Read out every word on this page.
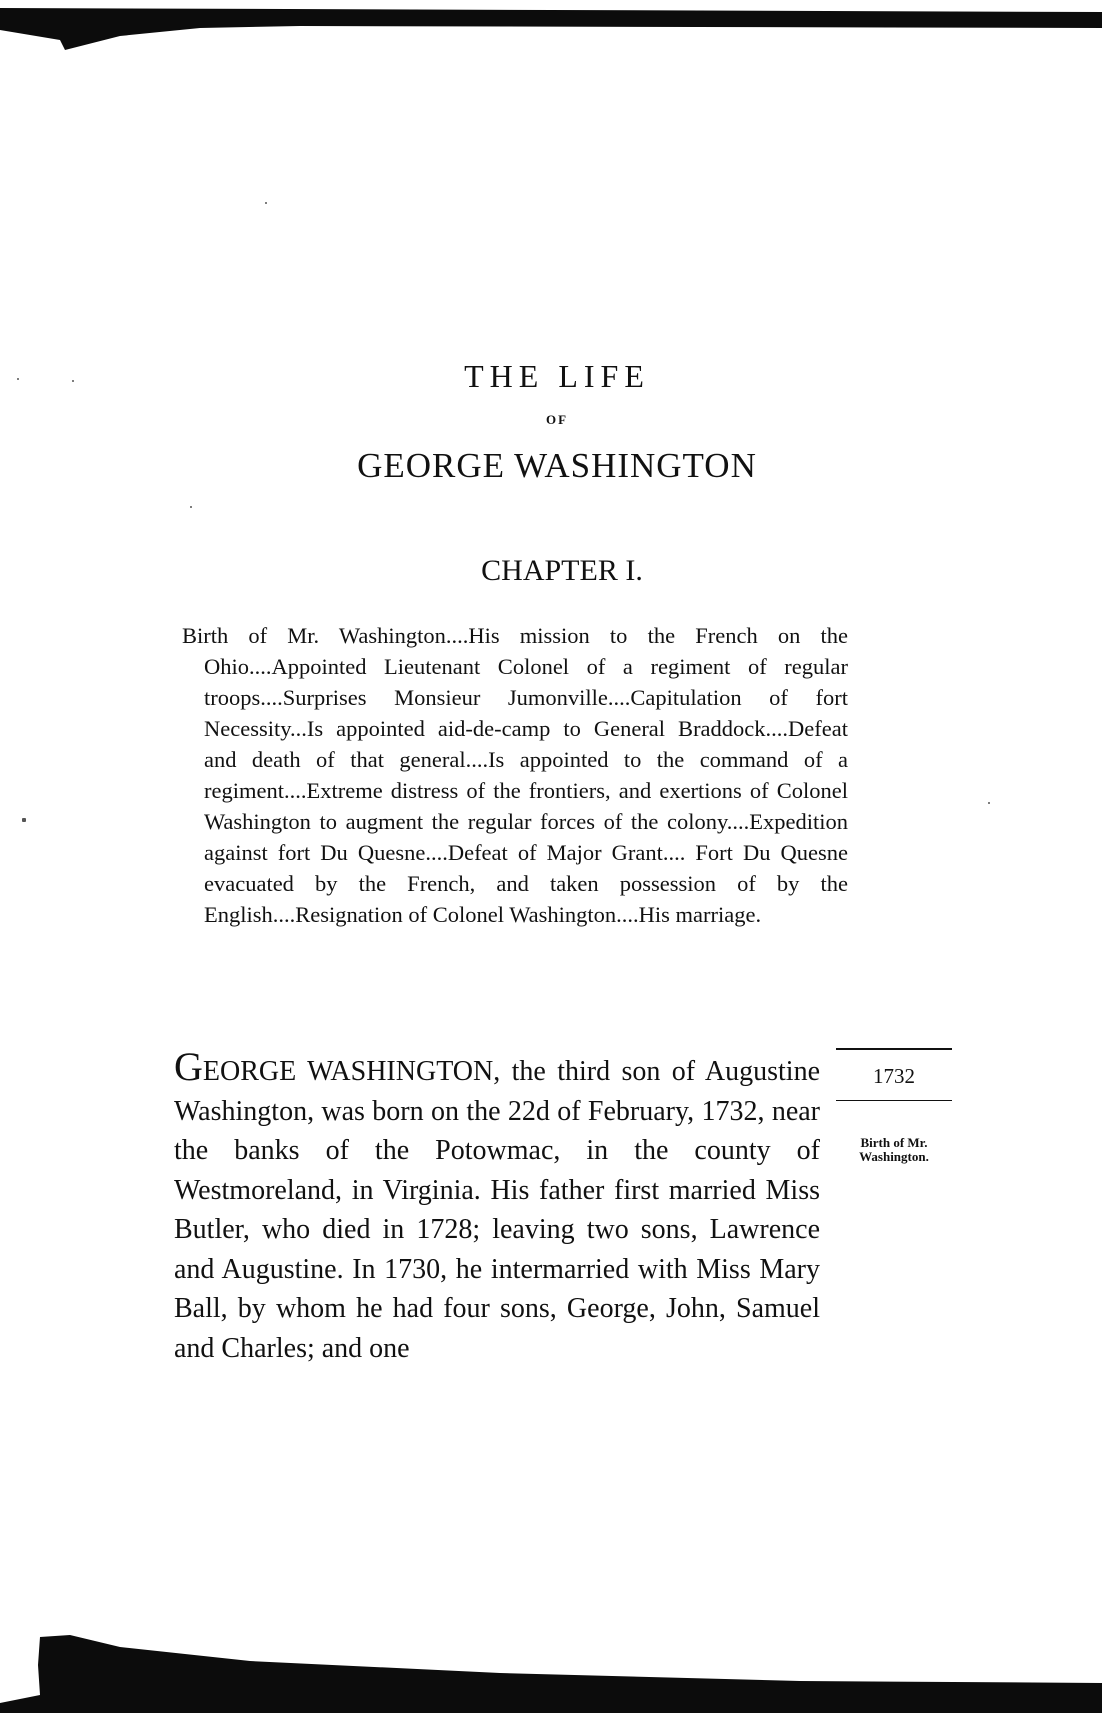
THE LIFE
OF
GEORGE WASHINGTON
CHAPTER I.

Birth of Mr. Washington....His mission to the French on the Ohio....Appointed Lieutenant Colonel of a regiment of regular troops....Surprises Monsieur Jumonville....Capitulation of fort Necessity...Is appointed aid-de-camp to General Braddock....Defeat and death of that general....Is appointed to the command of a regiment....Extreme distress of the frontiers, and exertions of Colonel Washington to augment the regular forces of the colony....Expedition against fort Du Quesne....Defeat of Major Grant.... Fort Du Quesne evacuated by the French, and taken possession of by the English....Resignation of Colonel Washington....His marriage.

GEORGE WASHINGTON, the third son of Augustine Washington, was born on the 22d of February, 1732, near the banks of the Potowmac, in the county of Westmoreland, in Virginia. His father first married Miss Butler, who died in 1728; leaving two sons, Lawrence and Augustine. In 1730, he intermarried with Miss Mary Ball, by whom he had four sons, George, John, Samuel and Charles; and one

1732
Birth of Mr.
Washington.
